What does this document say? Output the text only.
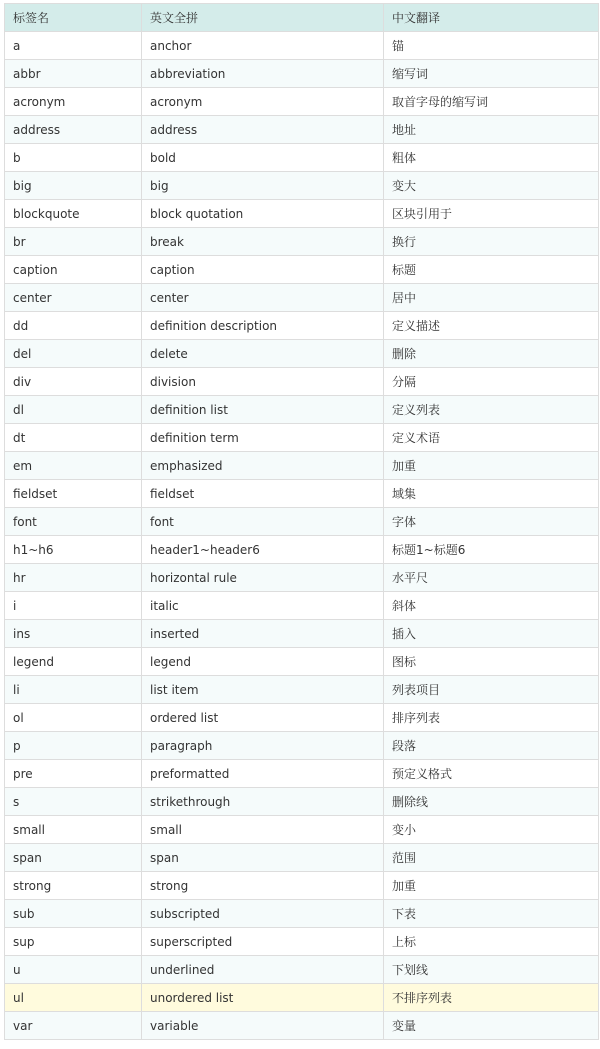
标签名	英文全拼	中文翻译
a	anchor	锚
abbr	abbreviation	缩写词
acronym	acronym	取首字母的缩写词
address	address	地址
b	bold	粗体
big	big	变大
blockquote	block quotation	区块引用于
br	break	换行
caption	caption	标题
center	center	居中
dd	definition description	定义描述
del	delete	删除
div	division	分隔
dl	definition list	定义列表
dt	definition term	定义术语
em	emphasized	加重
fieldset	fieldset	域集
font	font	字体
h1~h6	header1~header6	标题1~标题6
hr	horizontal rule	水平尺
i	italic	斜体
ins	inserted	插入
legend	legend	图标
li	list item	列表项目
ol	ordered list	排序列表
p	paragraph	段落
pre	preformatted	预定义格式
s	strikethrough	删除线
small	small	变小
span	span	范围
strong	strong	加重
sub	subscripted	下表
sup	superscripted	上标
u	underlined	下划线
ul	unordered list	不排序列表
var	variable	变量
